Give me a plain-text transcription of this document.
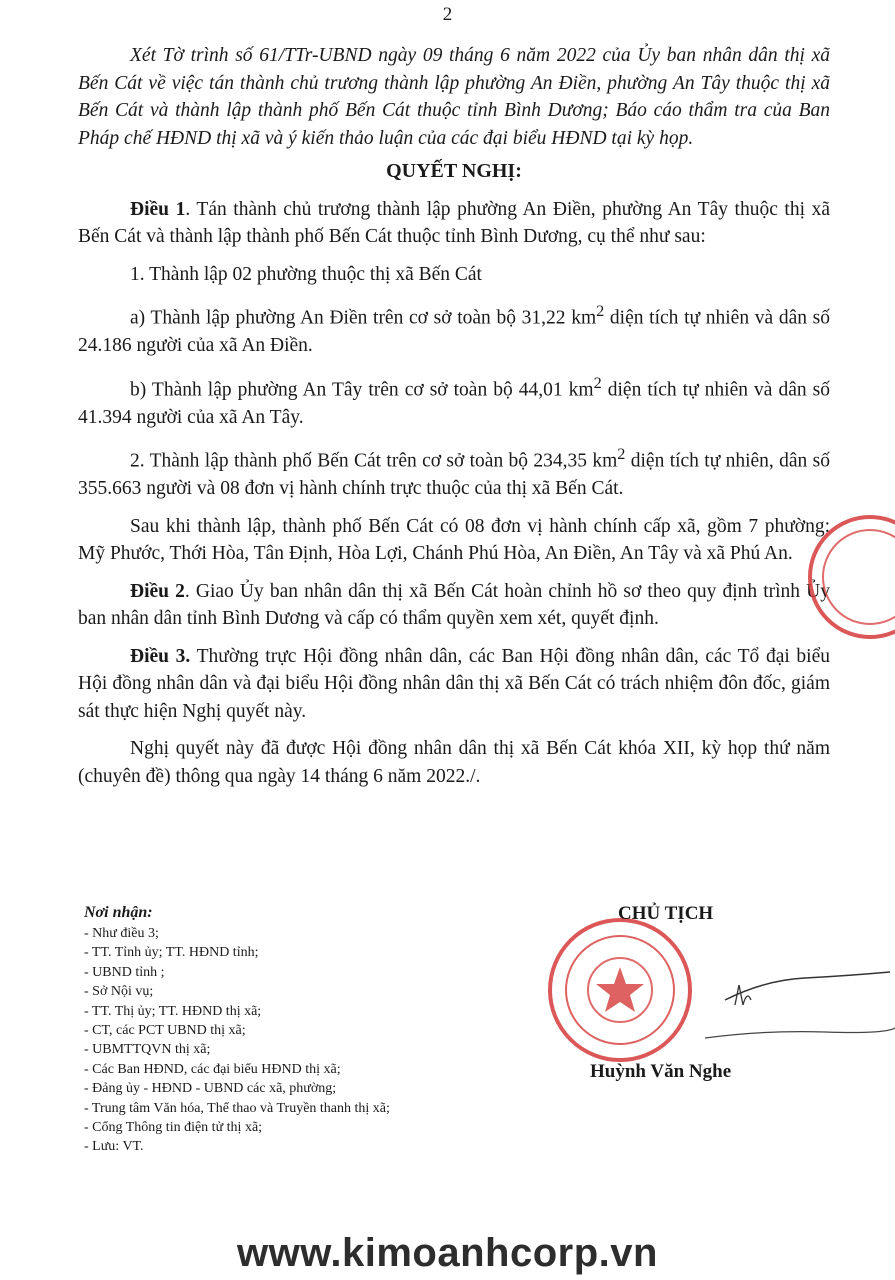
2

Xét Tờ trình số 61/TTr-UBND ngày 09 tháng 6 năm 2022 của Ủy ban nhân dân thị xã Bến Cát về việc tán thành chủ trương thành lập phường An Điền, phường An Tây thuộc thị xã Bến Cát và thành lập thành phố Bến Cát thuộc tỉnh Bình Dương; Báo cáo thẩm tra của Ban Pháp chế HĐND thị xã và ý kiến thảo luận của các đại biểu HĐND tại kỳ họp.

QUYẾT NGHỊ:

Điều 1. Tán thành chủ trương thành lập phường An Điền, phường An Tây thuộc thị xã Bến Cát và thành lập thành phố Bến Cát thuộc tỉnh Bình Dương, cụ thể như sau:

1. Thành lập 02 phường thuộc thị xã Bến Cát

a) Thành lập phường An Điền trên cơ sở toàn bộ 31,22 $km^2$ diện tích tự nhiên và dân số 24.186 người của xã An Điền.

b) Thành lập phường An Tây trên cơ sở toàn bộ 44,01 $km^2$ diện tích tự nhiên và dân số 41.394 người của xã An Tây.

2. Thành lập thành phố Bến Cát trên cơ sở toàn bộ 234,35 $km^2$ diện tích tự nhiên, dân số 355.663 người và 08 đơn vị hành chính trực thuộc của thị xã Bến Cát.

Sau khi thành lập, thành phố Bến Cát có 08 đơn vị hành chính cấp xã, gồm 7 phường: Mỹ Phước, Thới Hòa, Tân Định, Hòa Lợi, Chánh Phú Hòa, An Điền, An Tây và xã Phú An.

Điều 2. Giao Ủy ban nhân dân thị xã Bến Cát hoàn chỉnh hồ sơ theo quy định trình Ủy ban nhân dân tỉnh Bình Dương và cấp có thẩm quyền xem xét, quyết định.

Điều 3. Thường trực Hội đồng nhân dân, các Ban Hội đồng nhân dân, các Tổ đại biểu Hội đồng nhân dân và đại biểu Hội đồng nhân dân thị xã Bến Cát có trách nhiệm đôn đốc, giám sát thực hiện Nghị quyết này.

Nghị quyết này đã được Hội đồng nhân dân thị xã Bến Cát khóa XII, kỳ họp thứ năm (chuyên đề) thông qua ngày 14 tháng 6 năm 2022./.

Nơi nhận:
- Như điều 3;
- TT. Tỉnh ủy; TT. HĐND tỉnh;
- UBND tỉnh ;
- Sở Nội vụ;
- TT. Thị ủy; TT. HĐND thị xã;
- CT, các PCT UBND thị xã;
- UBMTTQVN thị xã;
- Các Ban HĐND, các đại biểu HĐND thị xã;
- Đảng ủy - HĐND - UBND các xã, phường;
- Trung tâm Văn hóa, Thể thao và Truyền thanh thị xã;
- Cổng Thông tin điện tử thị xã;
- Lưu: VT.
CHỦ TỊCH
Huỳnh Văn Nghe
www.kimoanhcorp.vn
